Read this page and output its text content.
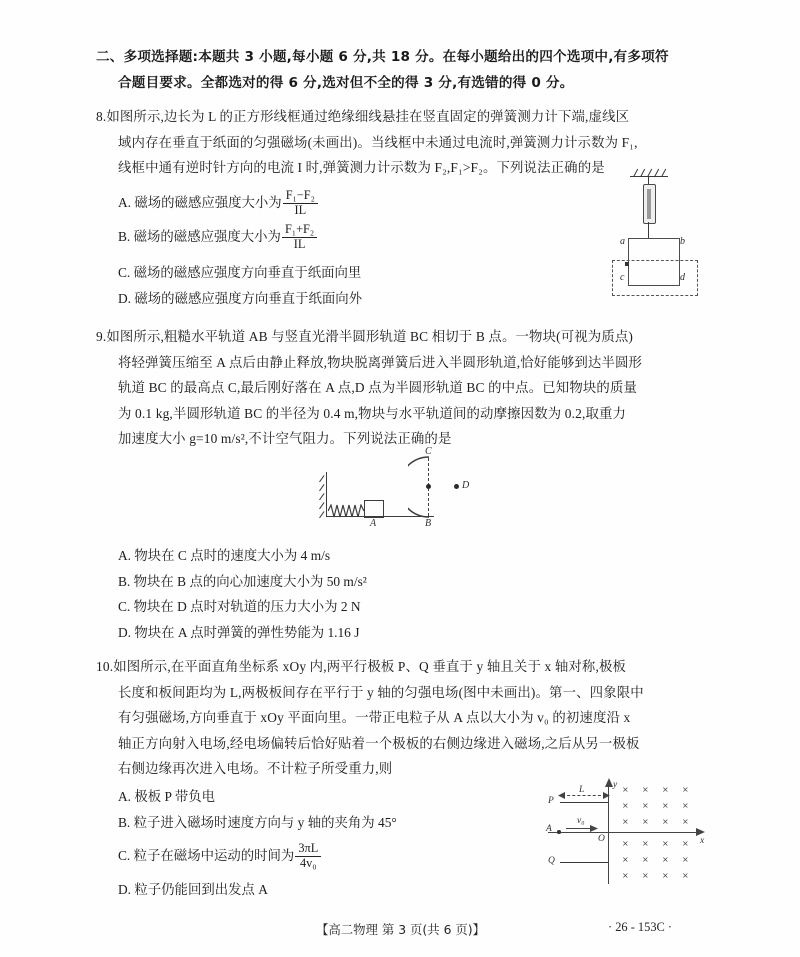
二、多项选择题:本题共 3 小题,每小题 6 分,共 18 分。在每小题给出的四个选项中,有多项符
合题目要求。全都选对的得 6 分,选对但不全的得 3 分,有选错的得 0 分。
8.如图所示,边长为 L 的正方形线框通过绝缘细线悬挂在竖直固定的弹簧测力计下端,虚线区
域内存在垂直于纸面的匀强磁场(未画出)。当线框中未通过电流时,弹簧测力计示数为 F₁,
线框中通有逆时针方向的电流 I 时,弹簧测力计示数为 F₂,F₁>F₂。下列说法正确的是
A. 磁场的磁感应强度大小为 $\frac{\text{F₁−F₂}}{IL}$
B. 磁场的磁感应强度大小为 $\frac{\text{F₁+F₂}}{IL}$
C. 磁场的磁感应强度方向垂直于纸面向里
D. 磁场的磁感应强度方向垂直于纸面向外
a	b
c	d
9.如图所示,粗糙水平轨道 AB 与竖直光滑半圆形轨道 BC 相切于 B 点。一物块(可视为质点)
将轻弹簧压缩至 A 点后由静止释放,物块脱离弹簧后进入半圆形轨道,恰好能够到达半圆形
轨道 BC 的最高点 C,最后刚好落在 A 点,D 点为半圆形轨道 BC 的中点。已知物块的质量
为 0.1 kg,半圆形轨道 BC 的半径为 0.4 m,物块与水平轨道间的动摩擦因数为 0.2,取重力
加速度大小 g=10 m/s²,不计空气阻力。下列说法正确的是
A. 物块在 C 点时的速度大小为 4 m/s
B. 物块在 B 点的向心加速度大小为 50 m/s²
C. 物块在 D 点时对轨道的压力大小为 2 N
D. 物块在 A 点时弹簧的弹性势能为 1.16 J
A	B
C
D
10.如图所示,在平面直角坐标系 xOy 内,两平行极板 P、Q 垂直于 y 轴且关于 x 轴对称,极板
长度和板间距均为 L,两极板间存在平行于 y 轴的匀强电场(图中未画出)。第一、四象限中
有匀强磁场,方向垂直于 xOy 平面向里。一带正电粒子从 A 点以大小为 v₀ 的初速度沿 x
轴正方向射入电场,经电场偏转后恰好贴着一个极板的右侧边缘进入磁场,之后从另一极板
右侧边缘再次进入电场。不计粒子所受重力,则
A. 极板 P 带负电
B. 粒子进入磁场时速度方向与 y 轴的夹角为 45°
C. 粒子在磁场中运动的时间为 $\frac{3\pi L}{\text{4v₀}}$
D. 粒子仍能回到出发点 A
P
Q
A
O	x
y
L
v₀
× × × ×
× × × ×
× × × ×
× × × ×
× × × ×
× × × ×
【高二物理 第 3 页(共 6 页)】	· 26 - 153C ·
